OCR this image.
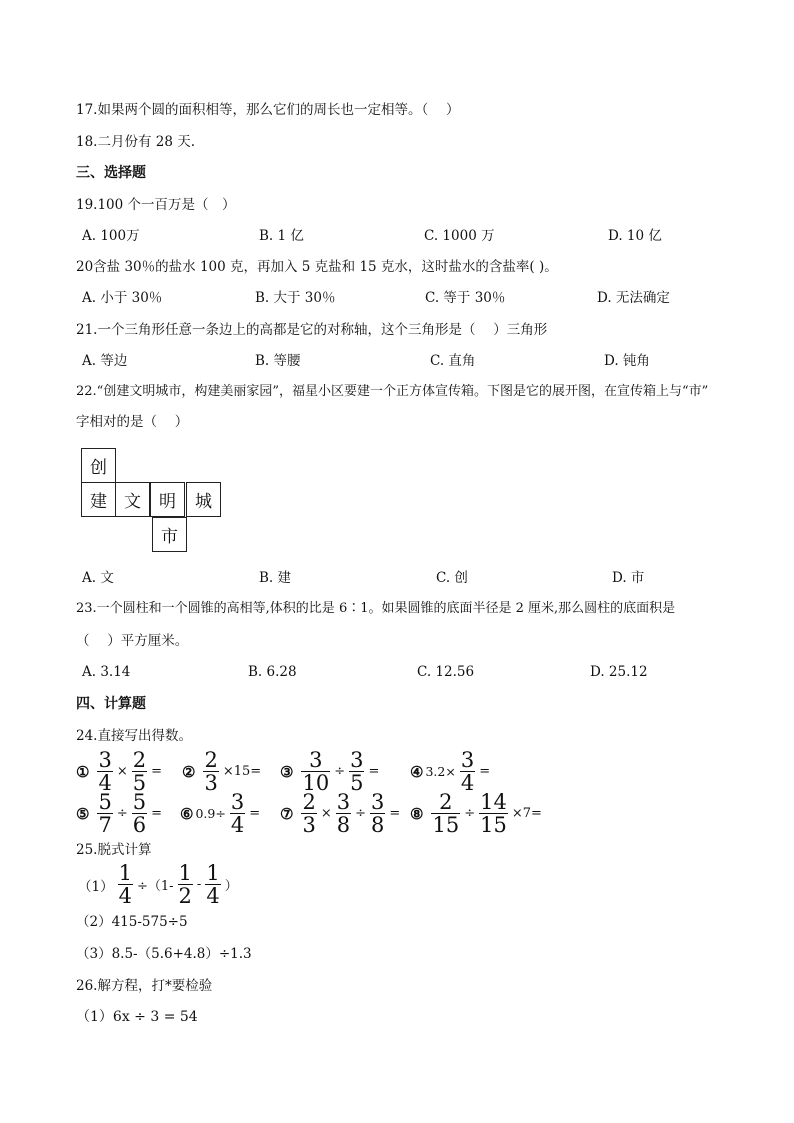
17.如果两个圆的面积相等，那么它们的周长也一定相等。（　 ）
18.二月份有 28 天.
三、选择题
19.100 个一百万是（　）
A. 100万	B. 1 亿	C. 1000 万	D. 10 亿
20含盐 30％的盐水 100 克，再加入 5 克盐和 15 克水，这时盐水的含盐率( )。
A. 小于 30％	B. 大于 30％	C. 等于 30％	D. 无法确定
21.一个三角形任意一条边上的高都是它的对称轴，这个三角形是（　 ）三角形
A. 等边	B. 等腰	C. 直角	D. 钝角
22.“创建文明城市，构建美丽家园”，福星小区要建一个正方体宣传箱。下图是它的展开图，在宣传箱上与“市”
字相对的是（　 ）
创
建	文	明	城
市
A. 文	B. 建	C. 创	D. 市
23.一个圆柱和一个圆锥的高相等,体积的比是 6∶1。如果圆锥的底面半径是 2 厘米,那么圆柱的底面积是
（　 ）平方厘米。
A. 3.14	B. 6.28	C. 12.56	D. 25.12
四、计算题
24.直接写出得数。
① $\frac{3}{4} \times \frac{2}{5}$ = ② $\frac{2}{3} \times 15=$ ③ $\frac{3}{10} \div \frac{3}{5}$ = ④ $3.2\times \frac{3}{4}$ =
⑤ $\frac{5}{7} \div \frac{5}{6}$ = ⑥ $0.9\div \frac{3}{4}$ = ⑦ $\frac{2}{3} \times \frac{3}{8} \div \frac{3}{8}$ = ⑧ $\frac{2}{15} \div \frac{14}{15} \times 7=$
25.脱式计算
$(1) \frac{1}{4} \div(1- \frac{1}{2} - \frac{1}{4}$ ）
（2）415-575÷5
（3）8.5-（5.6+4.8）÷1.3
26.解方程，打*要检验
（1）6x ÷ 3 = 54
